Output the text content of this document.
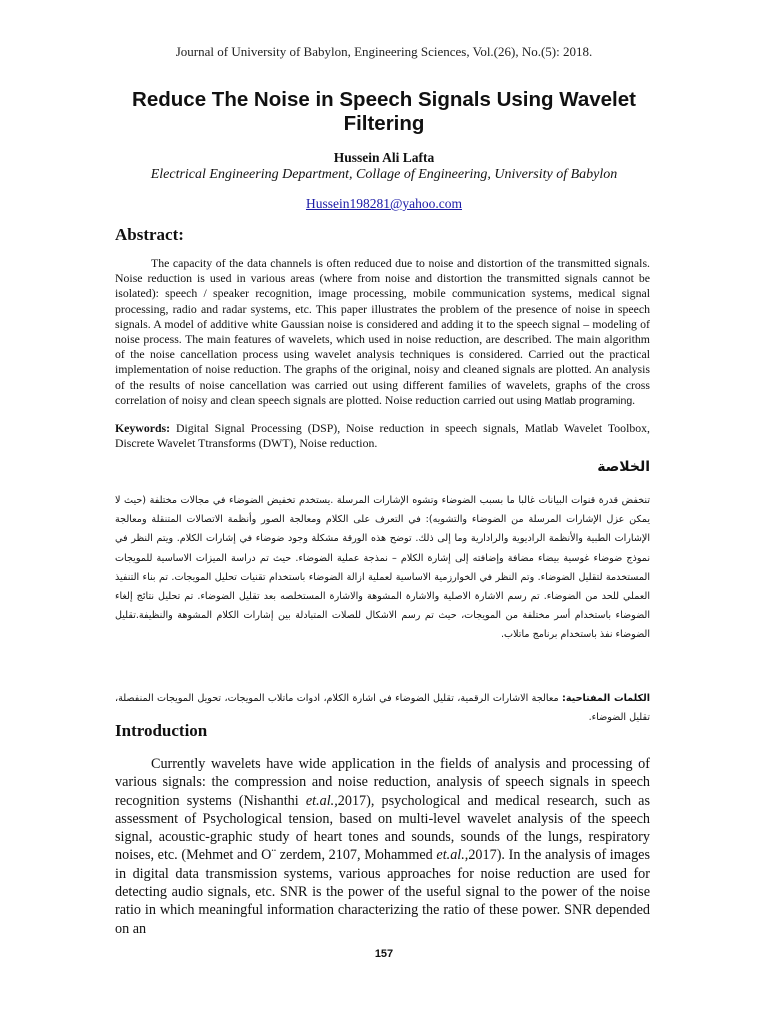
Journal of University of Babylon, Engineering Sciences, Vol.(26), No.(5): 2018.
Reduce The Noise in Speech Signals Using Wavelet Filtering
Hussein Ali Lafta
Electrical Engineering Department, Collage of Engineering, University of Babylon
Hussein198281@yahoo.com
Abstract:
The capacity of the data channels is often reduced due to noise and distortion of the transmitted signals. Noise reduction is used in various areas (where from noise and distortion the transmitted signals cannot be isolated): speech / speaker recognition, image processing, mobile communication systems, medical signal processing, radio and radar systems, etc. This paper illustrates the problem of the presence of noise in speech signals. A model of additive white Gaussian noise is considered and adding it to the speech signal – modeling of noise process. The main features of wavelets, which used in noise reduction, are described. The main algorithm of the noise cancellation process using wavelet analysis techniques is considered. Carried out the practical implementation of noise reduction. The graphs of the original, noisy and cleaned signals are plotted. An analysis of the results of noise cancellation was carried out using different families of wavelets, graphs of the cross correlation of noisy and clean speech signals are plotted. Noise reduction carried out using Matlab programing.
Keywords: Digital Signal Processing (DSP), Noise reduction in speech signals, Matlab Wavelet Toolbox, Discrete Wavelet Ttransforms (DWT), Noise reduction.
الخلاصة
تنخفض قدرة قنوات البيانات غالبا ما بسبب الضوضاء وتشوه الإشارات المرسلة .يستخدم تخفيض الضوضاء في مجالات مختلفة (حيث لا يمكن عزل الإشارات المرسلة من الضوضاء والتشويه): في التعرف على الكلام ومعالجة الصور وأنظمة الاتصالات المتنقلة ومعالجة الإشارات الطبية والأنظمة الراديوية والرادارية وما إلى ذلك. توضح هذه الورقة مشكلة وجود ضوضاء في إشارات الكلام. ويتم النظر في نموذج ضوضاء غوسية بيضاء مضافة وإضافته إلى إشارة الكلام – نمذجة عملية الضوضاء. حيث تم دراسة الميزات الاساسية للمويجات المستخدمة لتقليل الضوضاء. وتم النظر في الخوارزمية الاساسية لعملية ازالة الضوضاء باستخدام تقنيات تحليل المويجات. تم بناء التنفيذ العملي للحد من الضوضاء. تم رسم الاشارة الاصلية والاشارة المشوهة والاشارة المستخلصه بعد تقليل الضوضاء. تم تحليل نتائج إلغاء الضوضاء باستخدام أسر مختلفة من المويجات، حيث تم رسم الاشكال للصلات المتبادلة بين إشارات الكلام المشوهة والنظيفة.تقليل الضوضاء نفذ باستخدام برنامج ماتلاب.
الكلمات المفتاحية: معالجة الاشارات الرقمية، تقليل الضوضاء في اشارة الكلام، ادوات ماتلاب المويجات، تحويل المويجات المنفصلة، تقليل الضوضاء.
Introduction
Currently wavelets have wide application in the fields of analysis and processing of various signals: the compression and noise reduction, analysis of speech signals in speech recognition systems (Nishanthi et.al.,2017), psychological and medical research, such as assessment of Psychological tension, based on multi-level wavelet analysis of the speech signal, acoustic-graphic study of heart tones and sounds, sounds of the lungs, respiratory noises, etc. (Mehmet and O¨ zerdem, 2107, Mohammed et.al.,2017). In the analysis of images in digital data transmission systems, various approaches for noise reduction are used for detecting audio signals, etc. SNR is the power of the useful signal to the power of the noise ratio in which meaningful information characterizing the ratio of these power. SNR depended on an
157
